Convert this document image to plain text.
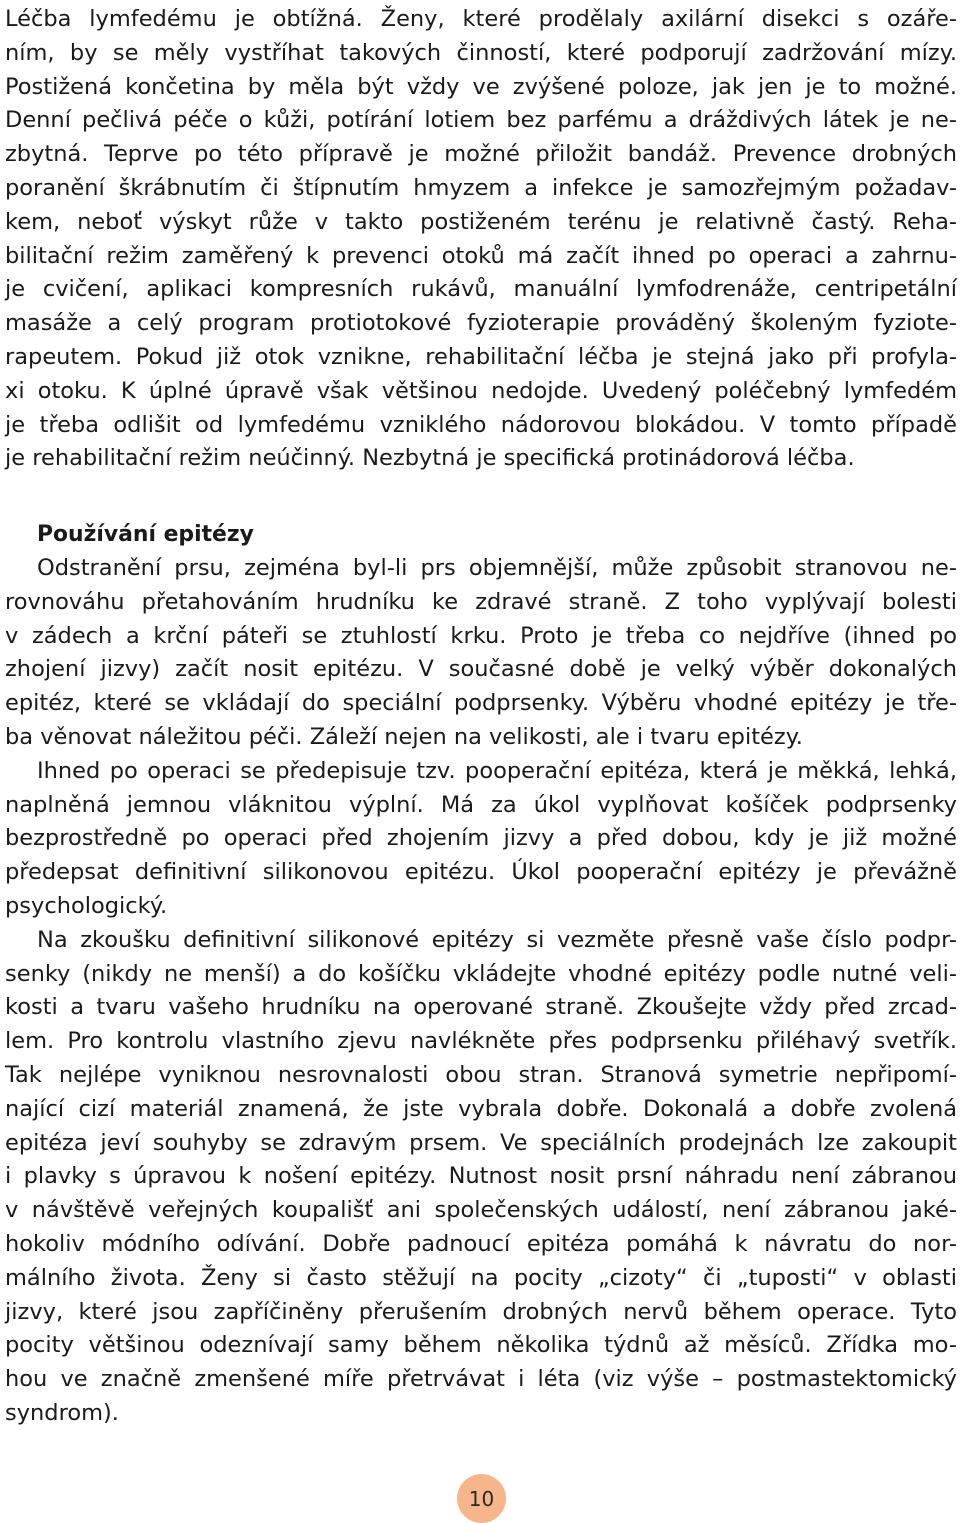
Léčba lymfedému je obtížná. Ženy, které prodělaly axilární disekci s ozáře-
ním, by se měly vystříhat takových činností, které podporují zadržování mízy.
Postižená končetina by měla být vždy ve zvýšené poloze, jak jen je to možné.
Denní pečlivá péče o kůži, potírání lotiem bez parfému a dráždivých látek je ne-
zbytná. Teprve po této přípravě je možné přiložit bandáž. Prevence drobných
poranění škrábnutím či štípnutím hmyzem a infekce je samozřejmým požadav-
kem, neboť výskyt růže v takto postiženém terénu je relativně častý. Reha-
bilitační režim zaměřený k prevenci otoků má začít ihned po operaci a zahrnu-
je cvičení, aplikaci kompresních rukávů, manuální lymfodrenáže, centripetální
masáže a celý program protiotokové fyzioterapie prováděný školeným fyziote-
rapeutem. Pokud již otok vznikne, rehabilitační léčba je stejná jako při profyla-
xi otoku. K úplné úpravě však většinou nedojde. Uvedený poléčebný lymfedém
je třeba odlišit od lymfedému vzniklého nádorovou blokádou. V tomto případě
je rehabilitační režim neúčinný. Nezbytná je specifická protinádorová léčba.
Používání epitézy
Odstranění prsu, zejména byl-li prs objemnější, může způsobit stranovou ne-
rovnováhu přetahováním hrudníku ke zdravé straně. Z toho vyplývají bolesti
v zádech a krční páteři se ztuhlostí krku. Proto je třeba co nejdříve (ihned po
zhojení jizvy) začít nosit epitézu. V současné době je velký výběr dokonalých
epitéz, které se vkládají do speciální podprsenky. Výběru vhodné epitézy je tře-
ba věnovat náležitou péči. Záleží nejen na velikosti, ale i tvaru epitézy.
Ihned po operaci se předepisuje tzv. pooperační epitéza, která je měkká, lehká,
naplněná jemnou vláknitou výplní. Má za úkol vyplňovat košíček podprsenky
bezprostředně po operaci před zhojením jizvy a před dobou, kdy je již možné
předepsat definitivní silikonovou epitézu. Úkol pooperační epitézy je převážně
psychologický.
Na zkoušku definitivní silikonové epitézy si vezměte přesně vaše číslo podpr-
senky (nikdy ne menší) a do košíčku vkládejte vhodné epitézy podle nutné veli-
kosti a tvaru vašeho hrudníku na operované straně. Zkoušejte vždy před zrcad-
lem. Pro kontrolu vlastního zjevu navlékněte přes podprsenku přiléhavý svetřík.
Tak nejlépe vyniknou nesrovnalosti obou stran. Stranová symetrie nepřipomí-
nající cizí materiál znamená, že jste vybrala dobře. Dokonalá a dobře zvolená
epitéza jeví souhyby se zdravým prsem. Ve speciálních prodejnách lze zakoupit
i plavky s úpravou k nošení epitézy. Nutnost nosit prsní náhradu není zábranou
v návštěvě veřejných koupališť ani společenských událostí, není zábranou jaké-
hokoliv módního odívání. Dobře padnoucí epitéza pomáhá k návratu do nor-
málního života. Ženy si často stěžují na pocity „cizoty“ či „tuposti“ v oblasti
jizvy, které jsou zapříčiněny přerušením drobných nervů během operace. Tyto
pocity většinou odeznívají samy během několika týdnů až měsíců. Zřídka mo-
hou ve značně zmenšené míře přetrvávat i léta (viz výše – postmastektomický
syndrom).
10
